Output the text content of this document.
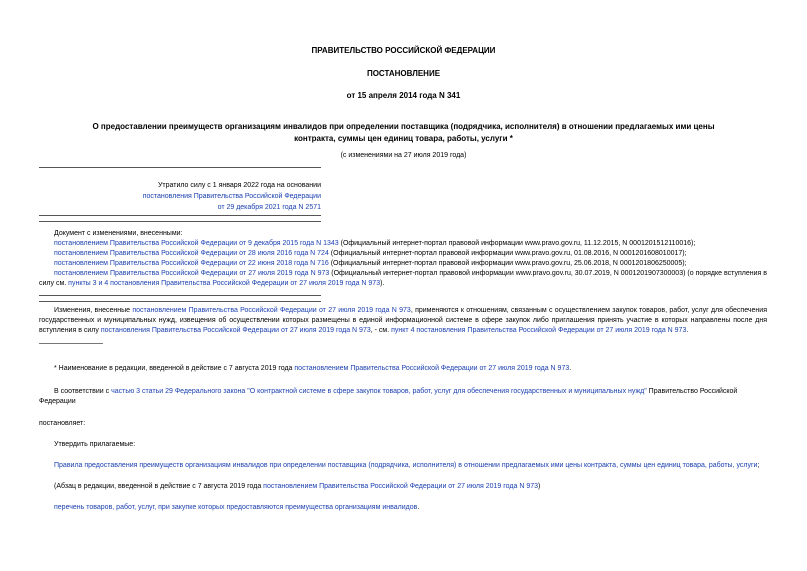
ПРАВИТЕЛЬСТВО РОССИЙСКОЙ ФЕДЕРАЦИИ
ПОСТАНОВЛЕНИЕ
от 15 апреля 2014 года N 341
О предоставлении преимуществ организациям инвалидов при определении поставщика (подрядчика, исполнителя) в отношении предлагаемых ими цены
контракта, суммы цен единиц товара, работы, услуги *
(с изменениями на 27 июля 2019 года)
Утратило силу с 1 января 2022 года на основании
постановления Правительства Российской Федерации
от 29 декабря 2021 года N 2571
Документ с изменениями, внесенными:
постановлением Правительства Российской Федерации от 9 декабря 2015 года N 1343 (Официальный интернет-портал правовой информации www.pravo.gov.ru, 11.12.2015, N 0001201512110016);
постановлением Правительства Российской Федерации от 28 июля 2016 года N 724 (Официальный интернет-портал правовой информации www.pravo.gov.ru, 01.08.2016, N 0001201608010017);
постановлением Правительства Российской Федерации от 22 июня 2018 года N 716 (Официальный интернет-портал правовой информации www.pravo.gov.ru, 25.06.2018, N 0001201806250005);
постановлением Правительства Российской Федерации от 27 июля 2019 года N 973 (Официальный интернет-портал правовой информации www.pravo.gov.ru, 30.07.2019, N 0001201907300003) (о порядке вступления в силу см. пункты 3 и 4 постановления Правительства Российской Федерации от 27 июля 2019 года N 973).
Изменения, внесенные постановлением Правительства Российской Федерации от 27 июля 2019 года N 973, применяются к отношениям, связанным с осуществлением закупок товаров, работ, услуг для обеспечения государственных и муниципальных нужд, извещения об осуществлении которых размещены в единой информационной системе в сфере закупок либо приглашения принять участие в которых направлены после дня вступления в силу постановления Правительства Российской Федерации от 27 июля 2019 года N 973, - см. пункт 4 постановления Правительства Российской Федерации от 27 июля 2019 года N 973.
* Наименование в редакции, введенной в действие с 7 августа 2019 года постановлением Правительства Российской Федерации от 27 июля 2019 года N 973.
В соответствии с частью 3 статьи 29 Федерального закона "О контрактной системе в сфере закупок товаров, работ, услуг для обеспечения государственных и муниципальных нужд" Правительство Российской Федерации
постановляет:
Утвердить прилагаемые:
Правила предоставления преимуществ организациям инвалидов при определении поставщика (подрядчика, исполнителя) в отношении предлагаемых ими цены контракта, суммы цен единиц товара, работы, услуги;
(Абзац в редакции, введенной в действие с 7 августа 2019 года постановлением Правительства Российской Федерации от 27 июля 2019 года N 973)
перечень товаров, работ, услуг, при закупке которых предоставляются преимущества организациям инвалидов.
